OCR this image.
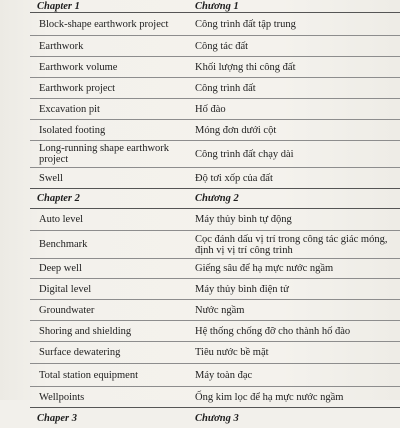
Chapter 1	Chương 1
Block-shape earthwork project	Công trình đất tập trung
Earthwork	Công tác đất
Earthwork volume	Khối lượng thi công đất
Earthwork project	Công trình đất
Excavation pit	Hố đào
Isolated footing	Móng đơn dưới cột
Long-running shape earthwork project	Công trình đất chạy dài
Swell	Độ tơi xốp của đất
Chapter 2	Chương 2
Auto level	Máy thủy bình tự động
Benchmark	Cọc đánh dấu vị trí trong công tác giác móng, định vị vị trí công trình
Deep well	Giếng sâu để hạ mực nước ngầm
Digital level	Máy thủy bình điện tử
Groundwater	Nước ngầm
Shoring and shielding	Hệ thống chống đỡ cho thành hố đào
Surface dewatering	Tiêu nước bề mặt
Total station equipment	Máy toàn đạc
Wellpoints	Ống kim lọc để hạ mực nước ngầm
Chaper 3	Chương 3
